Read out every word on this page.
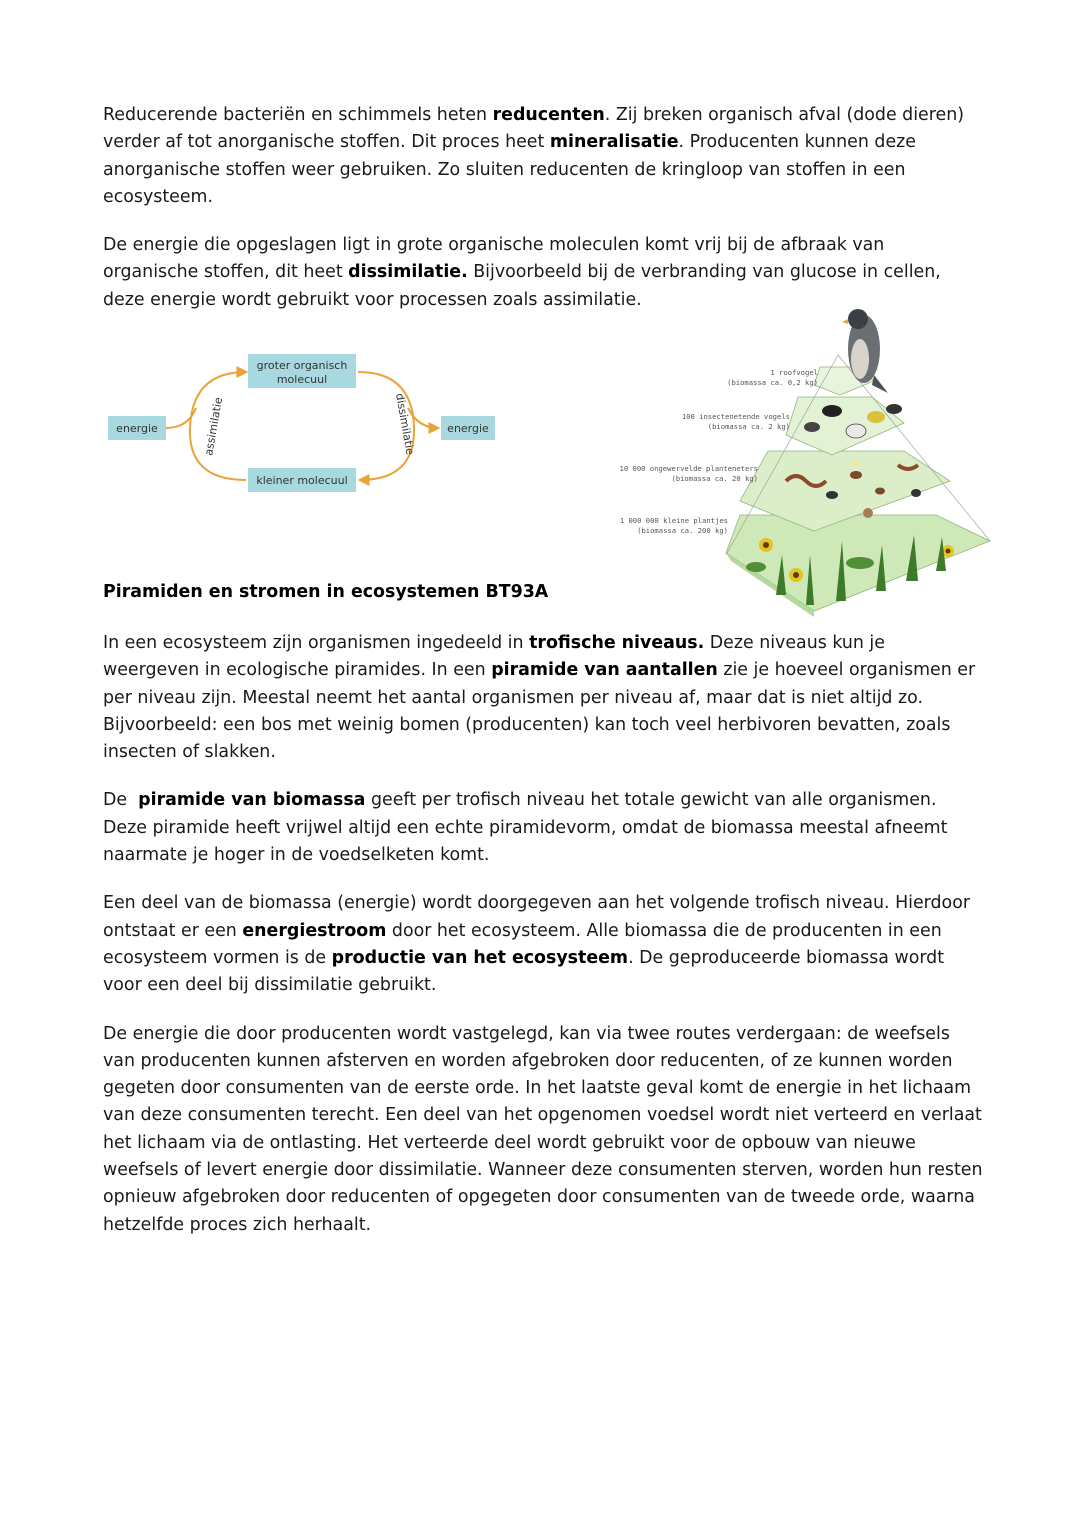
Reducerende bacteriën en schimmels heten reducenten. Zij breken organisch afval (dode dieren) verder af tot anorganische stoffen. Dit proces heet mineralisatie. Producenten kunnen deze anorganische stoffen weer gebruiken. Zo sluiten reducenten de kringloop van stoffen in een ecosysteem.

De energie die opgeslagen ligt in grote organische moleculen komt vrij bij de afbraak van organische stoffen, dit heet dissimilatie. Bijvoorbeeld bij de verbranding van glucose in cellen, deze energie wordt gebruikt voor processen zoals assimilatie.

energie	energie
groter organisch
molecuul
kleiner molecuul
assimilatie	dissimilatie
1 roofvogel
(biomassa ca. 0,2 kg)
100 insectenetende vogels
(biomassa ca. 2 kg)
10 000 ongewervelde planteneters
(biomassa ca. 20 kg)
1 000 000 kleine plantjes
(biomassa ca. 200 kg)
Piramiden en stromen in ecosystemen BT93A

In een ecosysteem zijn organismen ingedeeld in trofische niveaus. Deze niveaus kun je weergeven in ecologische piramides. In een piramide van aantallen zie je hoeveel organismen er per niveau zijn. Meestal neemt het aantal organismen per niveau af, maar dat is niet altijd zo. Bijvoorbeeld: een bos met weinig bomen (producenten) kan toch veel herbivoren bevatten, zoals insecten of slakken.

De  piramide van biomassa geeft per trofisch niveau het totale gewicht van alle organismen. Deze piramide heeft vrijwel altijd een echte piramidevorm, omdat de biomassa meestal afneemt naarmate je hoger in de voedselketen komt.

Een deel van de biomassa (energie) wordt doorgegeven aan het volgende trofisch niveau. Hierdoor ontstaat er een energiestroom door het ecosysteem. Alle biomassa die de producenten in een ecosysteem vormen is de productie van het ecosysteem. De geproduceerde biomassa wordt voor een deel bij dissimilatie gebruikt.

De energie die door producenten wordt vastgelegd, kan via twee routes verdergaan: de weefsels van producenten kunnen afsterven en worden afgebroken door reducenten, of ze kunnen worden gegeten door consumenten van de eerste orde. In het laatste geval komt de energie in het lichaam van deze consumenten terecht. Een deel van het opgenomen voedsel wordt niet verteerd en verlaat het lichaam via de ontlasting. Het verteerde deel wordt gebruikt voor de opbouw van nieuwe weefsels of levert energie door dissimilatie. Wanneer deze consumenten sterven, worden hun resten opnieuw afgebroken door reducenten of opgegeten door consumenten van de tweede orde, waarna hetzelfde proces zich herhaalt.
